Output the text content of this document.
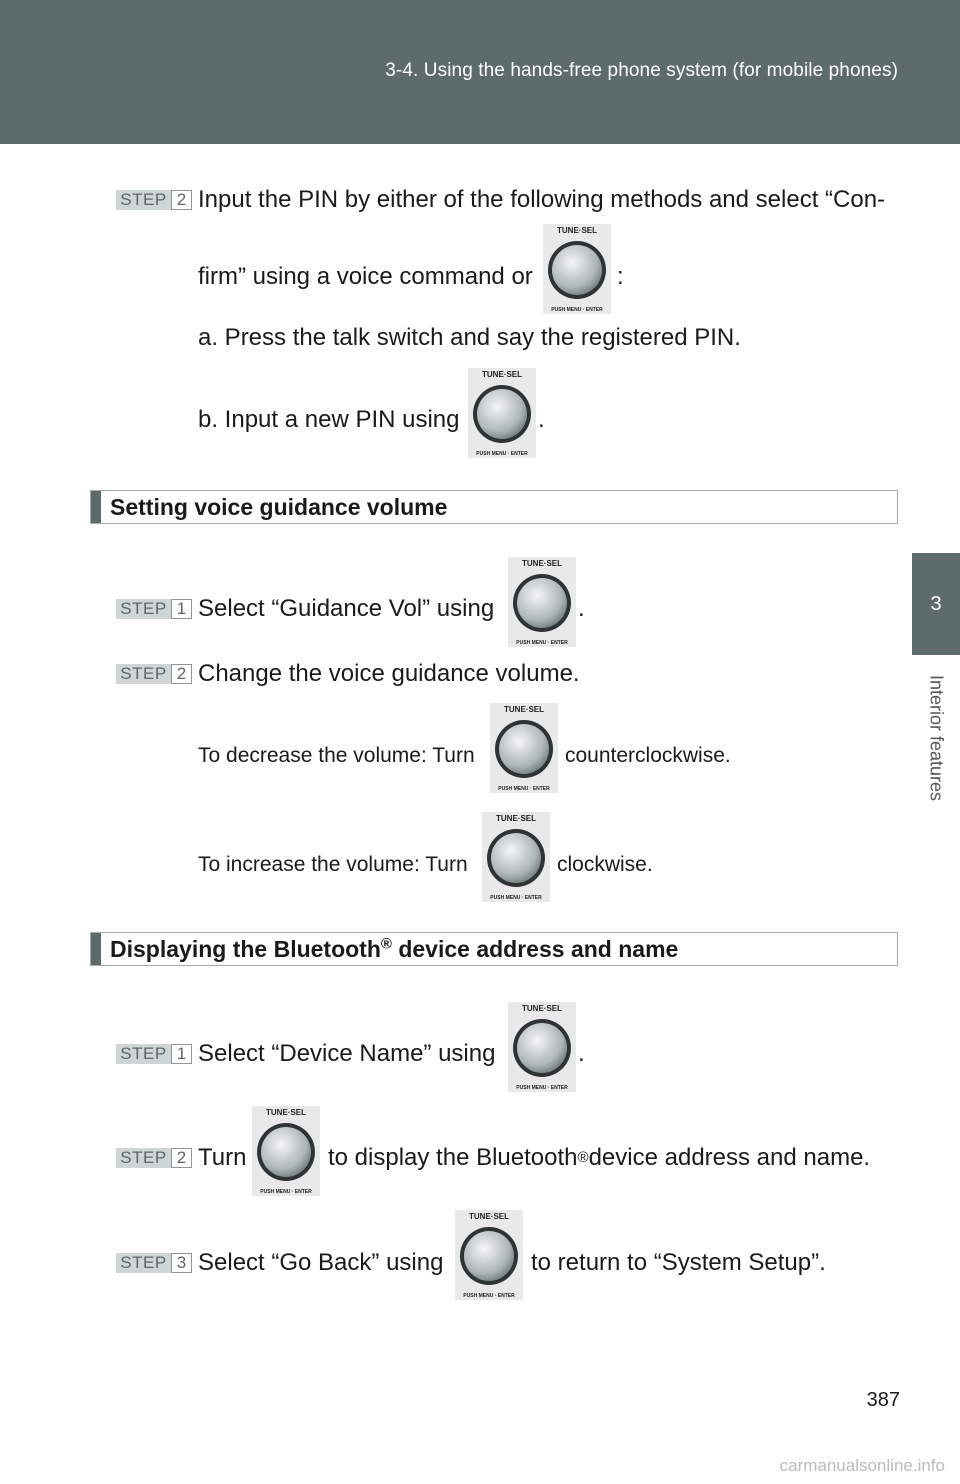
3-4. Using the hands-free phone system (for mobile phones)
3
Interior features
STEP 2 Input the PIN by either of the following methods and select “Con-
firm” using a voice command or
TUNE·SEL
PUSH MENU · ENTER
:
a. Press the talk switch and say the registered PIN.
b. Input a new PIN using
TUNE·SEL
PUSH MENU · ENTER
.
Setting voice guidance volume
STEP 1 Select “Guidance Vol” using
TUNE·SEL
PUSH MENU · ENTER
.
STEP 2 Change the voice guidance volume.
To decrease the volume: Turn
TUNE·SEL
PUSH MENU · ENTER
counterclockwise.
To increase the volume: Turn
TUNE·SEL
PUSH MENU · ENTER
clockwise.
Displaying the Bluetooth® device address and name
STEP 1 Select “Device Name” using
TUNE·SEL
PUSH MENU · ENTER
.
STEP 2 Turn
TUNE·SEL
PUSH MENU · ENTER
to display the Bluetooth ® device address and name.
STEP 3 Select “Go Back” using
TUNE·SEL
PUSH MENU · ENTER
to return to “System Setup”.
387
carmanualsonline.info
